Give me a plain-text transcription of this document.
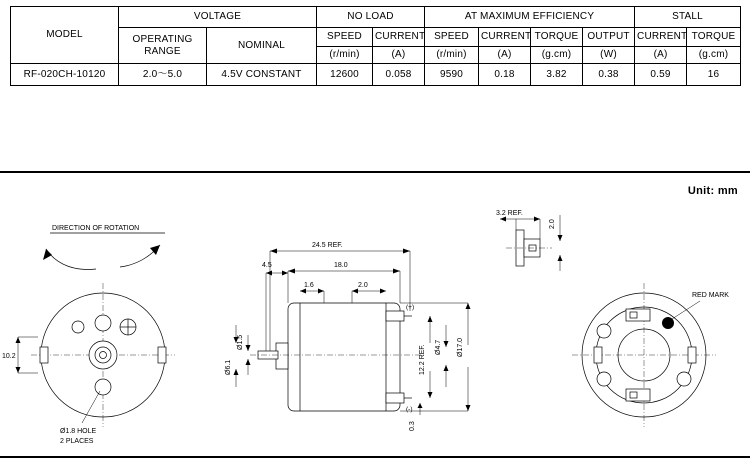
MODEL	VOLTAGE		NO LOAD		AT MAXIMUM EFFICIENCY				STALL	
	OPERATING RANGE	NOMINAL	SPEED	CURRENT	SPEED	CURRENT	TORQUE	OUTPUT	CURRENT	TORQUE
			(r/min)	(A)	(r/min)	(A)	(g.cm)	(W)	(A)	(g.cm)
RF-020CH-10120	2.0～5.0	4.5V CONSTANT	12600	0.058	9590	0.18	3.82	0.38	0.59	16
Unit: mm
DIRECTION OF ROTATION
10.2
Ø1.8 HOLE
2 PLACES
(+)
(-)
24.5 REF.
18.0
4.5
1.6	2.0
Ø1.5
Ø6.1
Ø4.7 Ø17.0
12.2 REF.
0.3
3.2 REF.
2.0
RED MARK
